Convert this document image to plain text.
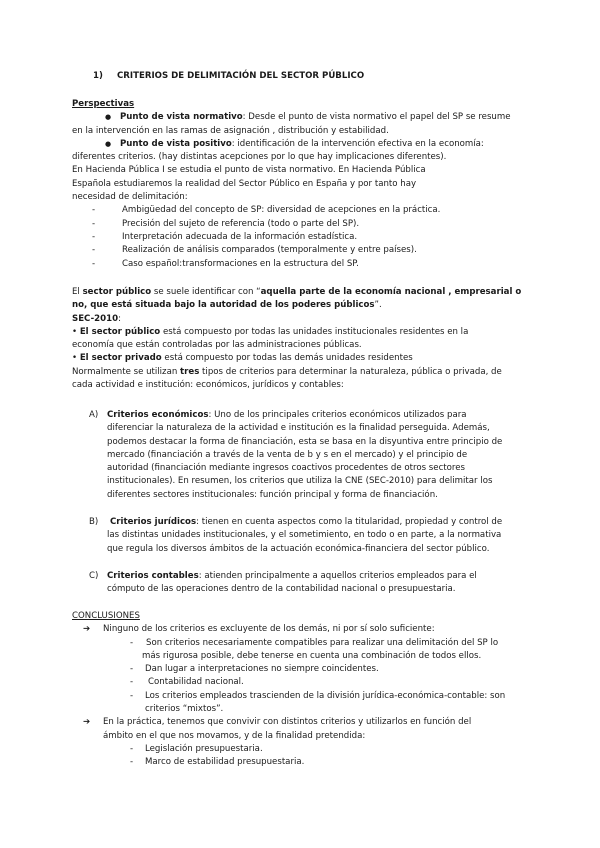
1) CRITERIOS DE DELIMITACIÓN DEL SECTOR PÚBLICO

Perspectivas

● Punto de vista normativo: Desde el punto de vista normativo el papel del SP se resume

en la intervención en las ramas de asignación , distribución y estabilidad.

● Punto de vista positivo: identificación de la intervención efectiva en la economía:

diferentes criterios. (hay distintas acepciones por lo que hay implicaciones diferentes).

En Hacienda Pública I se estudia el punto de vista normativo. En Hacienda Pública

Española estudiaremos la realidad del Sector Público en España y por tanto hay

necesidad de delimitación:

-	Ambigüedad del concepto de SP: diversidad de acepciones en la práctica.

-	Precisión del sujeto de referencia (todo o parte del SP).

-	Interpretación adecuada de la información estadística.

-	Realización de análisis comparados (temporalmente y entre países).

-	Caso español:transformaciones en la estructura del SP.

El sector público se suele identificar con “aquella parte de la economía nacional , empresarial o

no, que está situada bajo la autoridad de los poderes públicos”.

SEC-2010:

• El sector público está compuesto por todas las unidades institucionales residentes en la

economía que están controladas por las administraciones públicas.

• El sector privado está compuesto por todas las demás unidades residentes

Normalmente se utilizan tres tipos de criterios para determinar la naturaleza, pública o privada, de

cada actividad e institución: económicos, jurídicos y contables:

A) Criterios económicos: Uno de los principales criterios económicos utilizados para

diferenciar la naturaleza de la actividad e institución es la finalidad perseguida. Además,

podemos destacar la forma de financiación, esta se basa en la disyuntiva entre principio de

mercado (financiación a través de la venta de b y s en el mercado) y el principio de

autoridad (financiación mediante ingresos coactivos procedentes de otros sectores

institucionales). En resumen, los criterios que utiliza la CNE (SEC-2010) para delimitar los

diferentes sectores institucionales: función principal y forma de financiación.

B) Criterios jurídicos: tienen en cuenta aspectos como la titularidad, propiedad y control de

las distintas unidades institucionales, y el sometimiento, en todo o en parte, a la normativa

que regula los diversos ámbitos de la actuación económica-financiera del sector público.

C) Criterios contables: atienden principalmente a aquellos criterios empleados para el

cómputo de las operaciones dentro de la contabilidad nacional o presupuestaria.

CONCLUSIONES

➔ Ninguno de los criterios es excluyente de los demás, ni por sí solo suficiente:

- Son criterios necesariamente compatibles para realizar una delimitación del SP lo

más rigurosa posible, debe tenerse en cuenta una combinación de todos ellos.

- Dan lugar a interpretaciones no siempre coincidentes.

- Contabilidad nacional.

- Los criterios empleados trascienden de la división jurídica-económica-contable: son

criterios “mixtos”.

➔ En la práctica, tenemos que convivir con distintos criterios y utilizarlos en función del

ámbito en el que nos movamos, y de la finalidad pretendida:

- Legislación presupuestaria.

- Marco de estabilidad presupuestaria.
